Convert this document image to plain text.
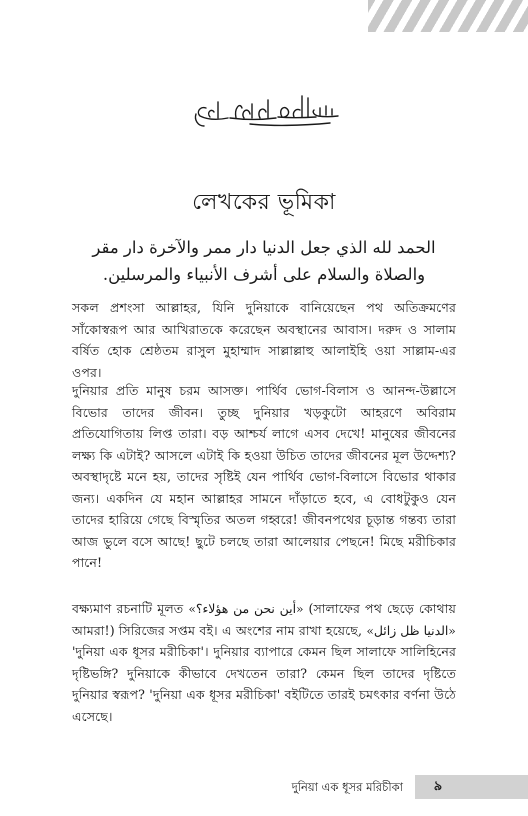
লেখকের ভূমিকা
الحمد لله الذي جعل الدنيا دار ممر والآخرة دار مقر والصلاة والسلام على أشرف الأنبياء والمرسلين.

সকল প্রশংসা আল্লাহর, যিনি দুনিয়াকে বানিয়েছেন পথ অতিক্রমণের সাঁকোস্বরূপ আর আখিরাতকে করেছেন অবস্থানের আবাস। দরুদ ও সালাম বর্ষিত হোক শ্রেষ্ঠতম রাসুল মুহাম্মাদ সাল্লাল্লাহু আলাইহি ওয়া সাল্লাম-এর ওপর।

দুনিয়ার প্রতি মানুষ চরম আসক্ত। পার্থিব ভোগ-বিলাস ও আনন্দ-উল্লাসে বিভোর তাদের জীবন। তুচ্ছ দুনিয়ার খড়কুটো আহরণে অবিরাম প্রতিযোগিতায় লিপ্ত তারা। বড় আশ্চর্য লাগে এসব দেখে! মানুষের জীবনের লক্ষ্য কি এটাই? আসলে এটাই কি হওয়া উচিত তাদের জীবনের মূল উদ্দেশ্য? অবস্থাদৃষ্টে মনে হয়, তাদের সৃষ্টিই যেন পার্থিব ভোগ-বিলাসে বিভোর থাকার জন্য। একদিন যে মহান আল্লাহর সামনে দাঁড়াতে হবে, এ বোধটুকুও যেন তাদের হারিয়ে গেছে বিস্মৃতির অতল গহ্বরে! জীবনপথের চূড়ান্ত গন্তব্য তারা আজ ভুলে বসে আছে! ছুটে চলছে তারা আলেয়ার পেছনে! মিছে মরীচিকার পানে!

বক্ষ্যমাণ রচনাটি মূলত «أين نحن من هؤلاء؟» (সালাফের পথ ছেড়ে কোথায় আমরা!) সিরিজের সপ্তম বই। এ অংশের নাম রাখা হয়েছে, «الدنيا ظل زائل» 'দুনিয়া এক ধূসর মরীচিকা'। দুনিয়ার ব্যাপারে কেমন ছিল সালাফে সালিহিনের দৃষ্টিভঙ্গি? দুনিয়াকে কীভাবে দেখতেন তারা? কেমন ছিল তাদের দৃষ্টিতে দুনিয়ার স্বরূপ? 'দুনিয়া এক ধূসর মরীচিকা' বইটিতে তারই চমৎকার বর্ণনা উঠে এসেছে।

দুনিয়া এক ধূসর মরিচীকা	৯
